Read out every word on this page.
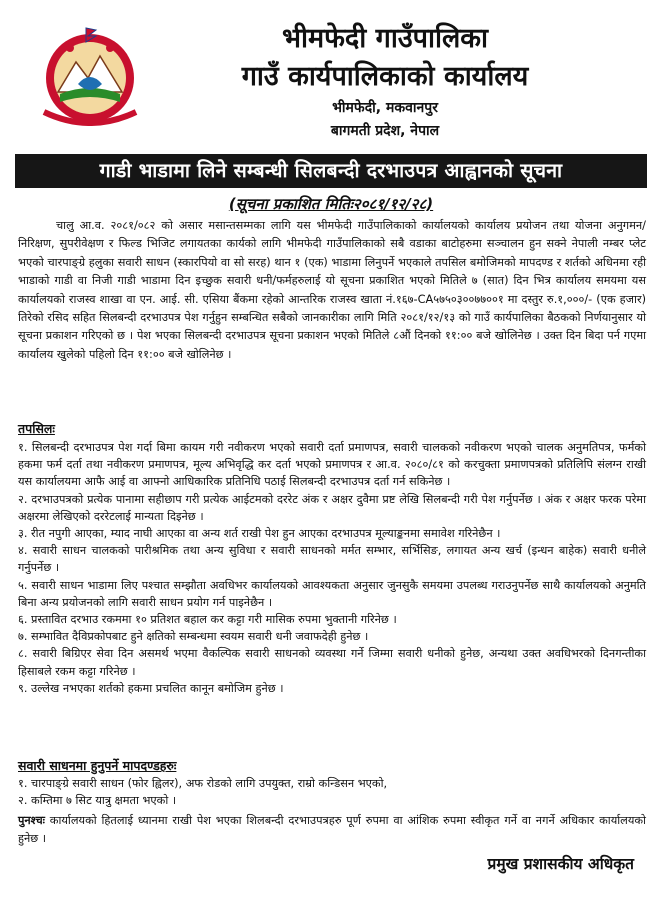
भीमफेदी गाउँपालिका
गाउँ कार्यपालिकाको कार्यालय
भीमफेदी, मकवानपुर
बागमती प्रदेश, नेपाल
गाडी भाडामा लिने सम्बन्धी सिलबन्दी दरभाउपत्र आह्वानको सूचना
(सूचना प्रकाशित मितिः२०८१/१२/२८)
चालु आ.व. २०८१/०८२ को असार मसान्तसम्मका लागि यस भीमफेदी गाउँपालिकाको कार्यालयको कार्यालय प्रयोजन तथा योजना अनुगमन/निरिक्षण, सुपरीवेक्षण र फिल्ड भिजिट लगायतका कार्यको लागि भीमफेदी गाउँपालिकाको सबै वडाका बाटोहरुमा सञ्चालन हुन सक्ने नेपाली नम्बर प्लेट भएको चारपाङ्ग्रे हलुका सवारी साधन (स्कारपियो वा सो सरह) थान १ (एक) भाडामा लिनुपर्ने भएकाले तपसिल बमोजिमको मापदण्ड र शर्तको अधिनमा रही भाडाको गाडी वा निजी गाडी भाडामा दिन इच्छुक सवारी धनी/फर्महरुलाई यो सूचना प्रकाशित भएको मितिले ७ (सात) दिन भित्र कार्यालय समयमा यस कार्यालयको राजस्व शाखा वा एन. आई. सी. एसिया बैंकमा रहेको आन्तरिक राजस्व खाता नं.१६७-CA५७५०३००७७००१ मा दस्तुर रु.१,०००/- (एक हजार) तिरेको रसिद सहित सिलबन्दी दरभाउपत्र पेश गर्नुहुन सम्बन्धित सबैको जानकारीका लागि मिति २०८१/१२/१३ को गाउँ कार्यपालिका बैठकको निर्णयानुसार यो सूचना प्रकाशन गरिएको छ । पेश भएका सिलबन्दी दरभाउपत्र सूचना प्रकाशन भएको मितिले ८औं दिनको ११:०० बजे खोलिनेछ । उक्त दिन बिदा पर्न गएमा कार्यालय खुलेको पहिलो दिन ११:०० बजे खोलिनेछ ।
तपसिलः
१. सिलबन्दी दरभाउपत्र पेश गर्दा बिमा कायम गरी नवीकरण भएको सवारी दर्ता प्रमाणपत्र, सवारी चालकको नवीकरण भएको चालक अनुमतिपत्र, फर्मको हकमा फर्म दर्ता तथा नवीकरण प्रमाणपत्र, मूल्य अभिवृद्धि कर दर्ता भएको प्रमाणपत्र र आ.व. २०८०/८१ को करचुक्ता प्रमाणपत्रको प्रतिलिपि संलग्न राखी यस कार्यालयमा आफै आई वा आफ्नो आधिकारिक प्रतिनिधि पठाई सिलबन्दी दरभाउपत्र दर्ता गर्न सकिनेछ ।
२. दरभाउपत्रको प्रत्येक पानामा सहीछाप गरी प्रत्येक आईटमको दररेट अंक र अक्षर दुवैमा प्रष्ट लेखि सिलबन्दी गरी पेश गर्नुपर्नेछ । अंक र अक्षर फरक परेमा अक्षरमा लेखिएको दररेटलाई मान्यता दिइनेछ ।
३. रीत नपुगी आएका, म्याद नाघी आएका वा अन्य शर्त राखी पेश हुन आएका दरभाउपत्र मूल्याङ्कनमा समावेश गरिनेछैन ।
४. सवारी साधन चालकको पारीश्रमिक तथा अन्य सुविधा र सवारी साधनको मर्मत सम्भार, सर्भिसिङ, लगायत अन्य खर्च (इन्धन बाहेक) सवारी धनीले गर्नुपर्नेछ ।
५. सवारी साधन भाडामा लिए पश्चात सम्झौता अवधिभर कार्यालयको आवश्यकता अनुसार जुनसुकै समयमा उपलब्ध गराउनुपर्नेछ साथै कार्यालयको अनुमति बिना अन्य प्रयोजनको लागि सवारी साधन प्रयोग गर्न पाइनेछैन ।
६. प्रस्तावित दरभाउ रकममा १० प्रतिशत बहाल कर कट्टा गरी मासिक रुपमा भुक्तानी गरिनेछ ।
७. सम्भावित दैविप्रकोपबाट हुने क्षतिको सम्बन्धमा स्वयम सवारी धनी जवाफदेही हुनेछ ।
८. सवारी बिग्रिएर सेवा दिन असमर्थ भएमा वैकल्पिक सवारी साधनको व्यवस्था गर्ने जिम्मा सवारी धनीको हुनेछ, अन्यथा उक्त अवधिभरको दिनगन्तीका हिसाबले रकम कट्टा गरिनेछ ।
९. उल्लेख नभएका शर्तको हकमा प्रचलित कानून बमोजिम हुनेछ ।
सवारी साधनमा हुनुपर्ने मापदण्डहरुः
१. चारपाङ्ग्रे सवारी साधन (फोर ह्विलर), अफ रोडको लागि उपयुक्त, राम्रो कन्डिसन भएको,
२. कम्तिमा ७ सिट यात्रु क्षमता भएको ।
पुनश्चः कार्यालयको हितलाई ध्यानमा राखी पेश भएका शिलबन्दी दरभाउपत्रहरु पूर्ण रुपमा वा आंशिक रुपमा स्वीकृत गर्ने वा नगर्ने अधिकार कार्यालयको हुनेछ ।
प्रमुख प्रशासकीय अधिकृत
